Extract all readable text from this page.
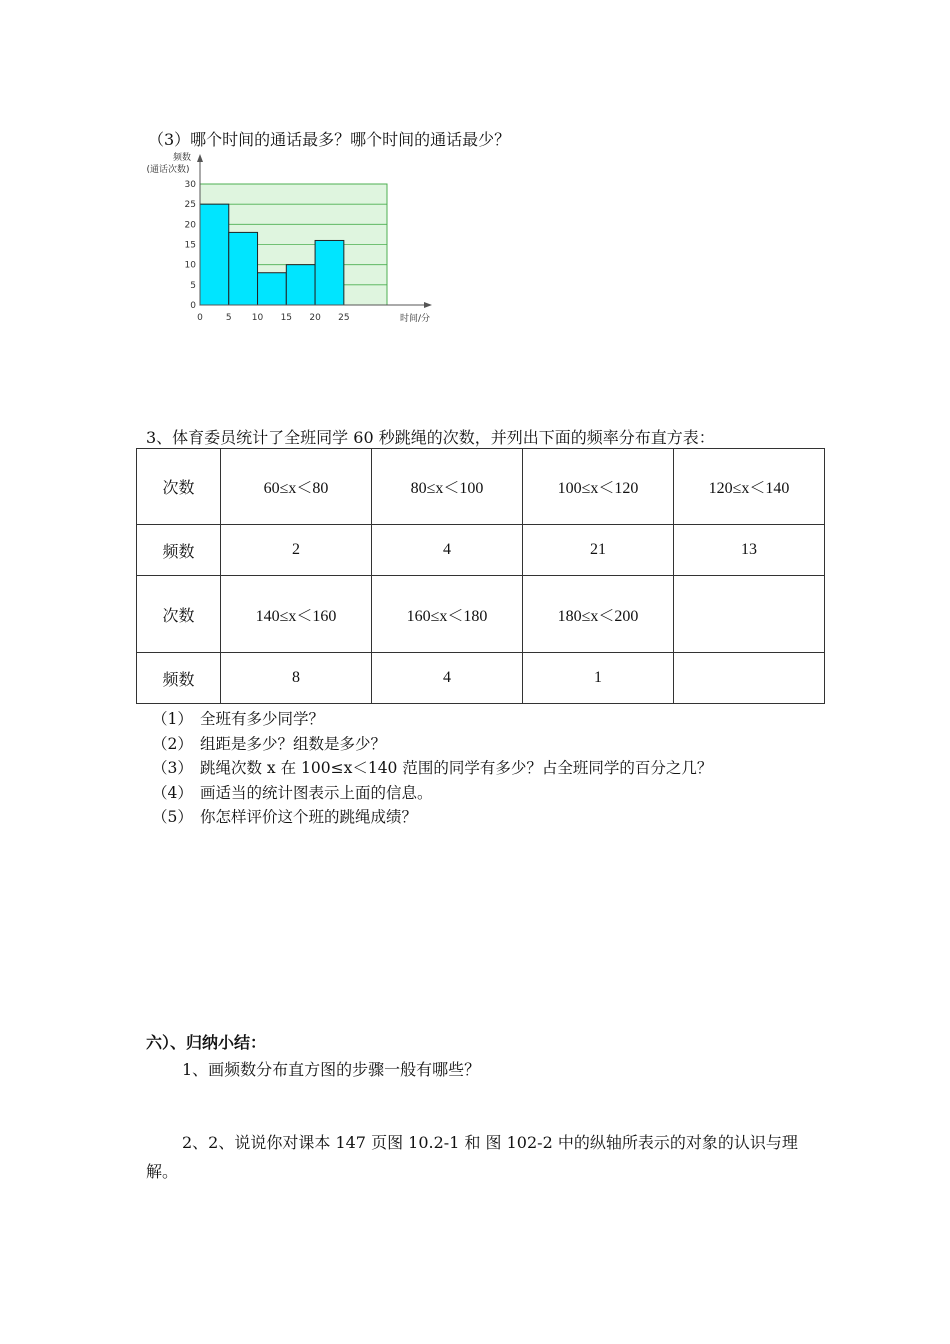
（3）哪个时间的通话最多？哪个时间的通话最少？
0
5
10
15
20
25
30
0	5 10 15 20 25
频数
(通话次数)
时间/分
3、体育委员统计了全班同学 60 秒跳绳的次数，并列出下面的频率分布直方表：
次数	60≤x＜80	80≤x＜100	100≤x＜120	120≤x＜140
频数	2	4	21	13
次数	140≤x＜160	160≤x＜180	180≤x＜200	
频数	8	4	1	
（1） 全班有多少同学？
（2） 组距是多少？组数是多少？
（3） 跳绳次数 x 在 100≤x＜140 范围的同学有多少？占全班同学的百分之几？
（4） 画适当的统计图表示上面的信息。
（5） 你怎样评价这个班的跳绳成绩？
六）、归纳小结：
1、画频数分布直方图的步骤一般有哪些？
2、2、说说你对课本 147 页图 10.2-1 和 图 102-2 中的纵轴所表示的对象的认识与理解。
